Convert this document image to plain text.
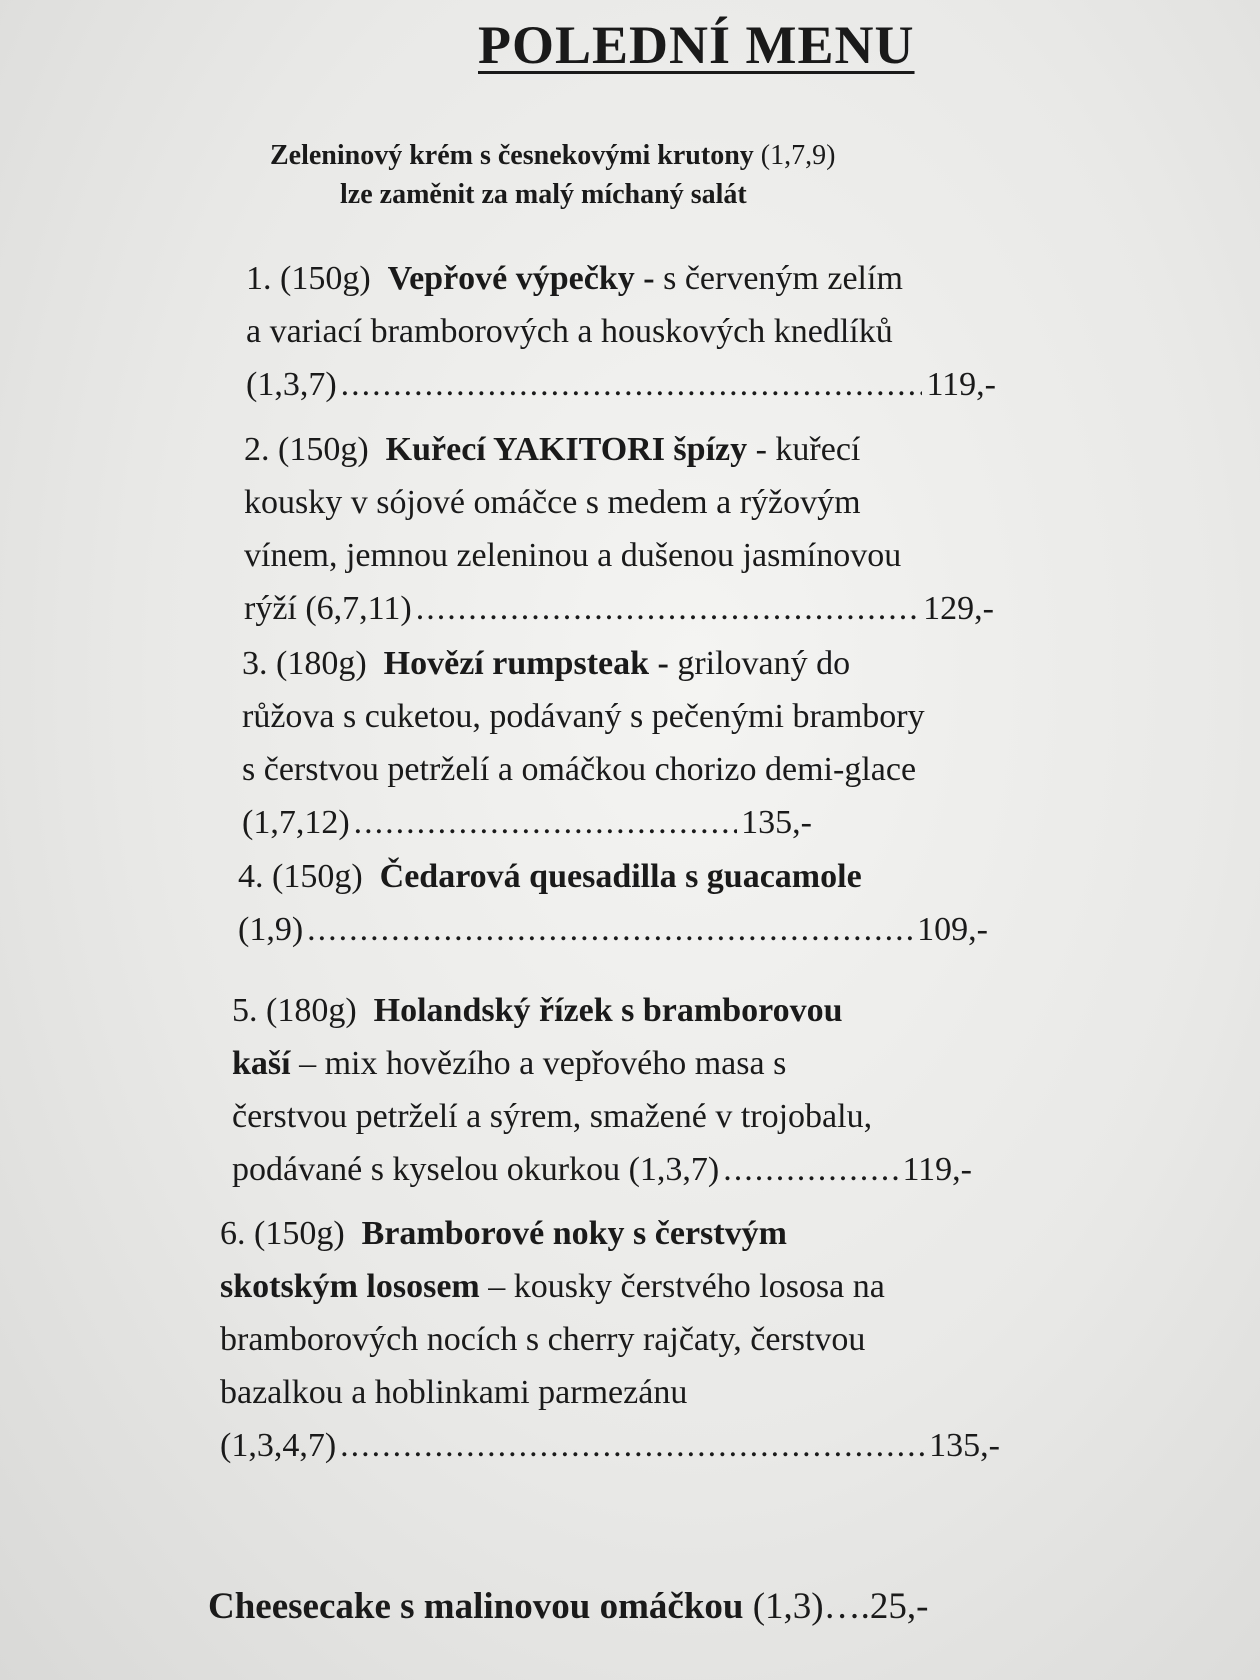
POLEDNÍ MENU
Zeleninový krém s česnekovými krutony (1,7,9)
lze zaměnit za malý míchaný salát
1. (150g) Vepřové výpečky - s červeným zelím
a variací bramborových a houskových knedlíků
(1,3,7) .....	119,-
2. (150g) Kuřecí YAKITORI špízy - kuřecí
kousky v sójové omáčce s medem a rýžovým
vínem, jemnou zeleninou a dušenou jasmínovou
rýží
(6,7,11) .....	129,-
3. (180g) Hovězí rumpsteak - grilovaný do
růžova s cuketou, podávaný s pečenými brambory
s čerstvou petrželí a omáčkou chorizo demi-glace
(1,7,12) .....	135,-
4. (150g) Čedarová quesadilla s guacamole
(1,9) .....	109,-
5. (180g) Holandský řízek s bramborovou
kaší – mix hovězího a vepřového masa s
čerstvou petrželí a sýrem, smažené v trojobalu,
podávané s kyselou okurkou
(1,3,7) .....	119,-
6. (150g) Bramborové noky s čerstvým
skotským lososem – kousky čerstvého lososa na
bramborových nocích s cherry rajčaty, čerstvou
bazalkou a hoblinkami parmezánu
(1,3,4,7) .....	135,-
Cheesecake s malinovou omáčkou (1,3)….25,-
